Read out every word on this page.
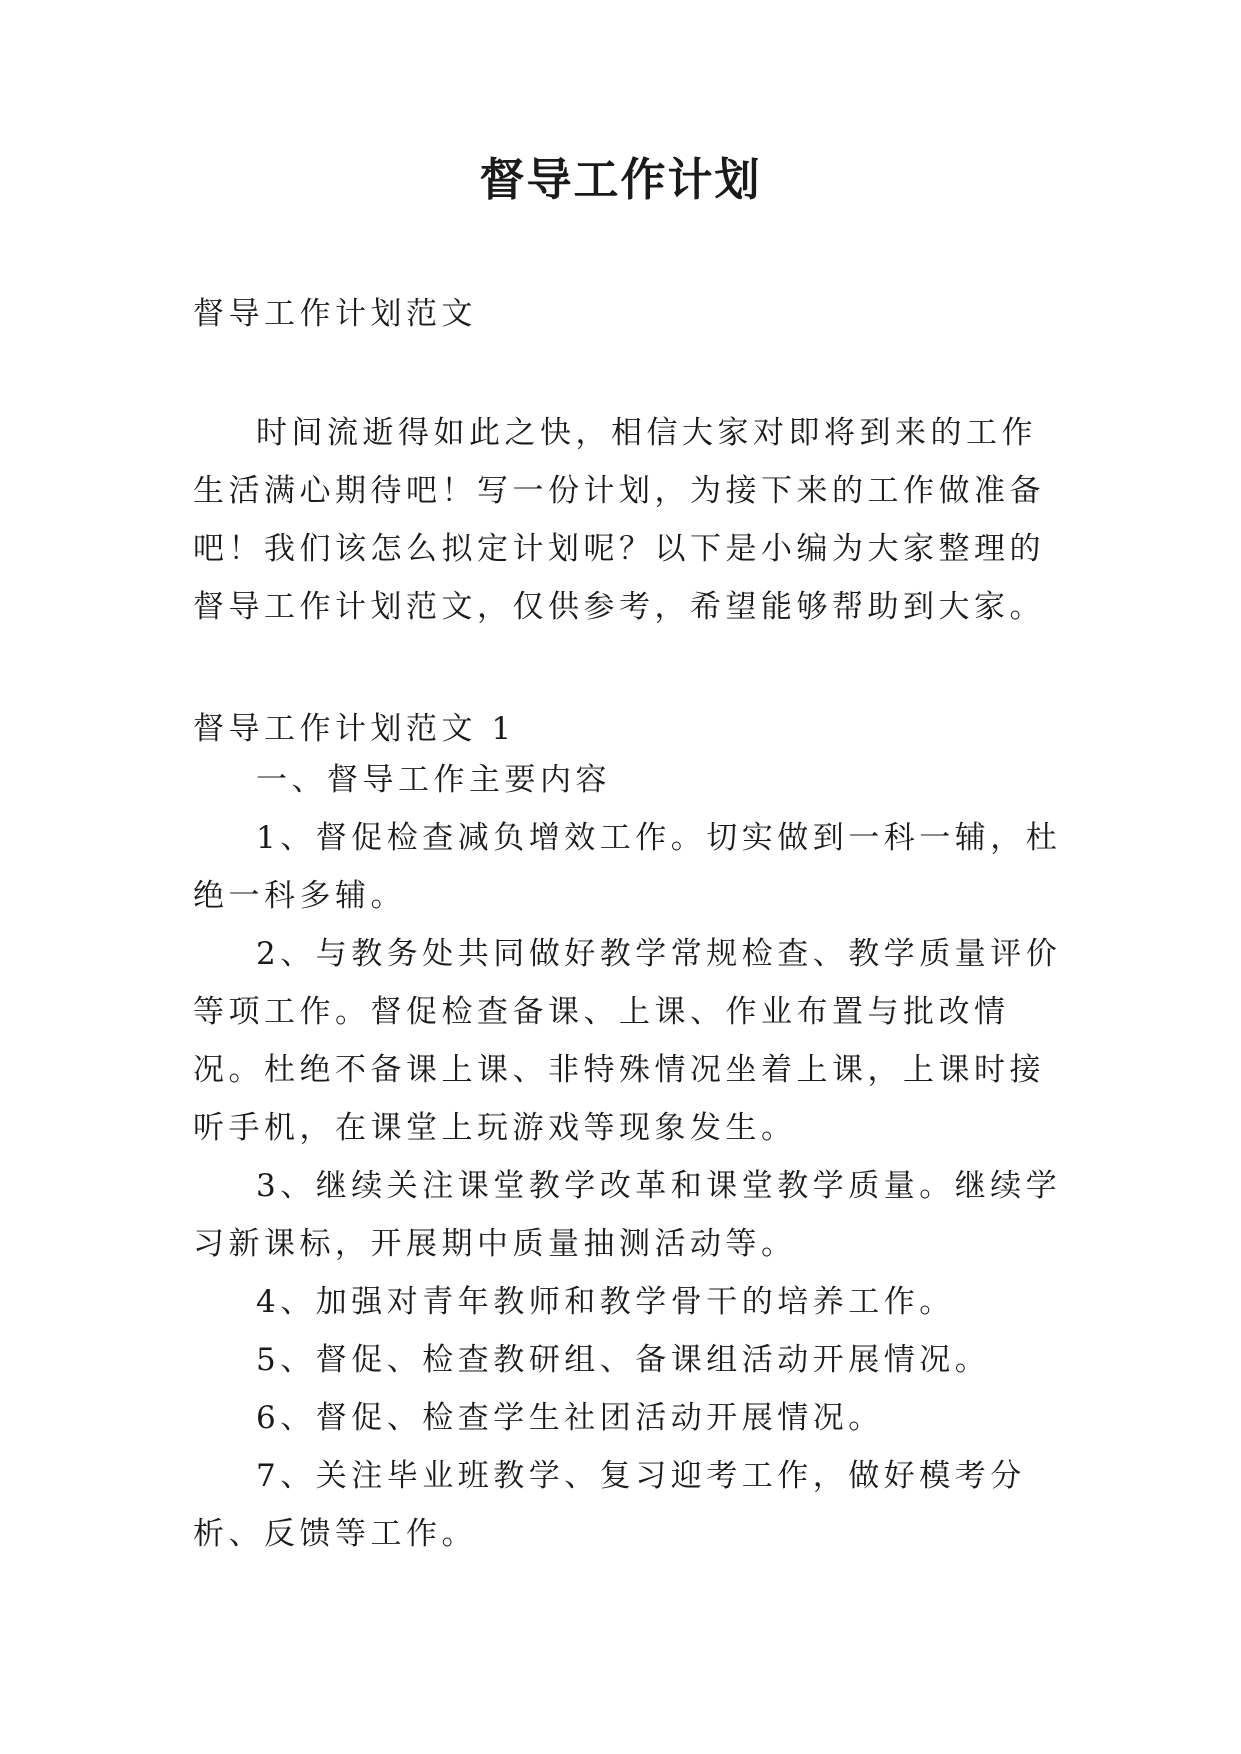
督导工作计划

督导工作计划范文

时间流逝得如此之快，相信大家对即将到来的工作生活满心期待吧！写一份计划，为接下来的工作做准备吧！我们该怎么拟定计划呢？以下是小编为大家整理的督导工作计划范文，仅供参考，希望能够帮助到大家。

督导工作计划范文 1

一、督导工作主要内容

1、督促检查减负增效工作。切实做到一科一辅，杜绝一科多辅。

2、与教务处共同做好教学常规检查、教学质量评价等项工作。督促检查备课、上课、作业布置与批改情况。杜绝不备课上课、非特殊情况坐着上课，上课时接听手机，在课堂上玩游戏等现象发生。

3、继续关注课堂教学改革和课堂教学质量。继续学习新课标，开展期中质量抽测活动等。

4、加强对青年教师和教学骨干的培养工作。

5、督促、检查教研组、备课组活动开展情况。

6、督促、检查学生社团活动开展情况。

7、关注毕业班教学、复习迎考工作，做好模考分析、反馈等工作。
